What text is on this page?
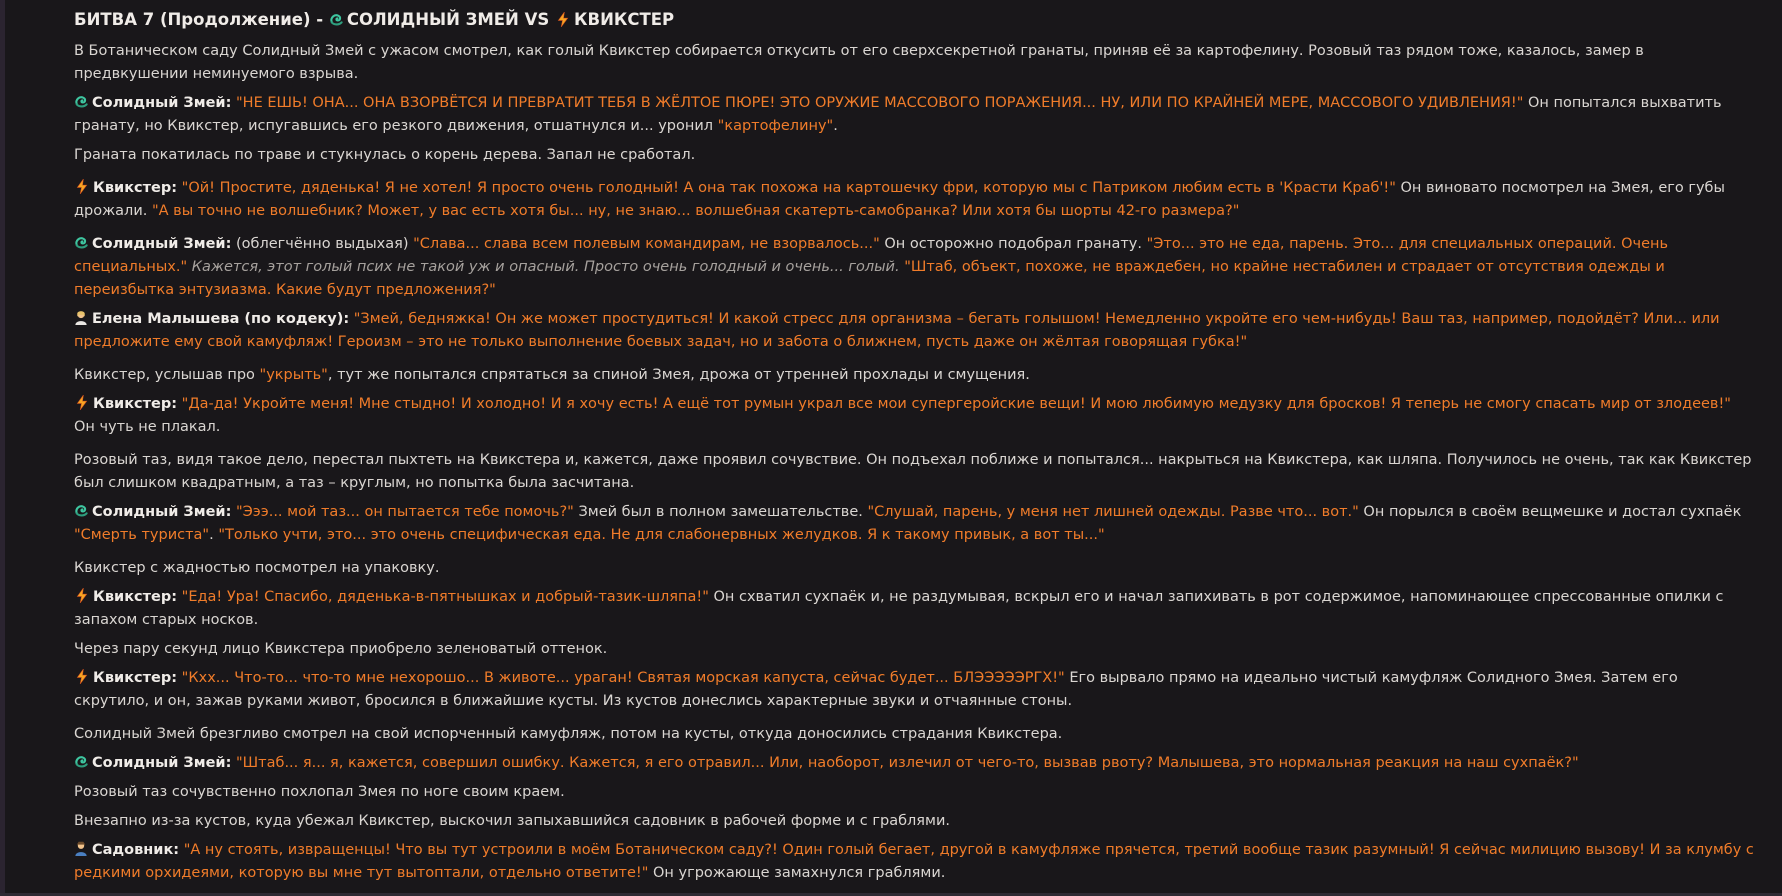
БИТВА 7 (Продолжение) - СОЛИДНЫЙ ЗМЕЙ VS КВИКСТЕР
В Ботаническом саду Солидный Змей с ужасом смотрел, как голый Квикстер собирается откусить от его сверхсекретной гранаты, приняв её за картофелину. Розовый таз рядом тоже, казалось, замер в предвкушении неминуемого взрыва.
Солидный Змей: "НЕ ЕШЬ! ОНА... ОНА ВЗОРВЁТСЯ И ПРЕВРАТИТ ТЕБЯ В ЖЁЛТОЕ ПЮРЕ! ЭТО ОРУЖИЕ МАССОВОГО ПОРАЖЕНИЯ... НУ, ИЛИ ПО КРАЙНЕЙ МЕРЕ, МАССОВОГО УДИВЛЕНИЯ!" Он попытался выхватить гранату, но Квикстер, испугавшись его резкого движения, отшатнулся и... уронил "картофелину".
Граната покатилась по траве и стукнулась о корень дерева. Запал не сработал.
Квикстер: "Ой! Простите, дяденька! Я не хотел! Я просто очень голодный! А она так похожа на картошечку фри, которую мы с Патриком любим есть в 'Красти Краб'!" Он виновато посмотрел на Змея, его губы дрожали. "А вы точно не волшебник? Может, у вас есть хотя бы... ну, не знаю... волшебная скатерть-самобранка? Или хотя бы шорты 42-го размера?"
Солидный Змей: (облегчённо выдыхая) "Слава... слава всем полевым командирам, не взорвалось..." Он осторожно подобрал гранату. "Это... это не еда, парень. Это... для специальных операций. Очень специальных." Кажется, этот голый псих не такой уж и опасный. Просто очень голодный и очень... голый. "Штаб, объект, похоже, не враждебен, но крайне нестабилен и страдает от отсутствия одежды и переизбытка энтузиазма. Какие будут предложения?"
Елена Малышева (по кодеку): "Змей, бедняжка! Он же может простудиться! И какой стресс для организма – бегать голышом! Немедленно укройте его чем-нибудь! Ваш таз, например, подойдёт? Или... или предложите ему свой камуфляж! Героизм – это не только выполнение боевых задач, но и забота о ближнем, пусть даже он жёлтая говорящая губка!"
Квикстер, услышав про "укрыть", тут же попытался спрятаться за спиной Змея, дрожа от утренней прохлады и смущения.
Квикстер: "Да-да! Укройте меня! Мне стыдно! И холодно! И я хочу есть! А ещё тот румын украл все мои супергеройские вещи! И мою любимую медузку для бросков! Я теперь не смогу спасать мир от злодеев!" Он чуть не плакал.
Розовый таз, видя такое дело, перестал пыхтеть на Квикстера и, кажется, даже проявил сочувствие. Он подъехал поближе и попытался... накрыться на Квикстера, как шляпа. Получилось не очень, так как Квикстер был слишком квадратным, а таз – круглым, но попытка была засчитана.
Солидный Змей: "Эээ... мой таз... он пытается тебе помочь?" Змей был в полном замешательстве. "Слушай, парень, у меня нет лишней одежды. Разве что... вот." Он порылся в своём вещмешке и достал сухпаёк "Смерть туриста". "Только учти, это... это очень специфическая еда. Не для слабонервных желудков. Я к такому привык, а вот ты..."
Квикстер с жадностью посмотрел на упаковку.
Квикстер: "Еда! Ура! Спасибо, дяденька-в-пятнышках и добрый-тазик-шляпа!" Он схватил сухпаёк и, не раздумывая, вскрыл его и начал запихивать в рот содержимое, напоминающее спрессованные опилки с запахом старых носков.
Через пару секунд лицо Квикстера приобрело зеленоватый оттенок.
Квикстер: "Кхх... Что-то... что-то мне нехорошо... В животе... ураган! Святая морская капуста, сейчас будет... БЛЭЭЭЭЭРГХ!" Его вырвало прямо на идеально чистый камуфляж Солидного Змея. Затем его скрутило, и он, зажав руками живот, бросился в ближайшие кусты. Из кустов донеслись характерные звуки и отчаянные стоны.
Солидный Змей брезгливо смотрел на свой испорченный камуфляж, потом на кусты, откуда доносились страдания Квикстера.
Солидный Змей: "Штаб... я... я, кажется, совершил ошибку. Кажется, я его отравил... Или, наоборот, излечил от чего-то, вызвав рвоту? Малышева, это нормальная реакция на наш сухпаёк?"
Розовый таз сочувственно похлопал Змея по ноге своим краем.
Внезапно из-за кустов, куда убежал Квикстер, выскочил запыхавшийся садовник в рабочей форме и с граблями.
Садовник: "А ну стоять, извращенцы! Что вы тут устроили в моём Ботаническом саду?! Один голый бегает, другой в камуфляже прячется, третий вообще тазик разумный! Я сейчас милицию вызову! И за клумбу с редкими орхидеями, которую вы мне тут вытоптали, отдельно ответите!" Он угрожающе замахнулся граблями.
